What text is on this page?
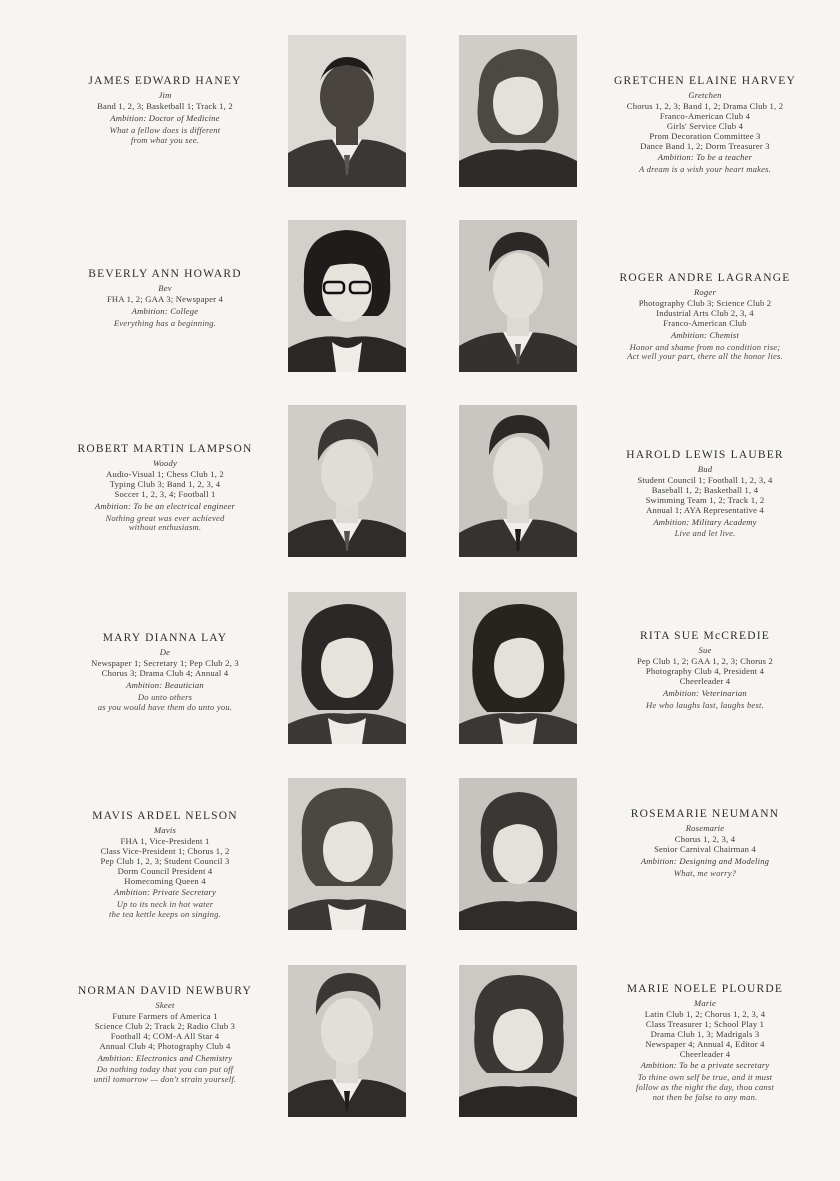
JAMES EDWARD HANEY
Jim
Band 1, 2, 3; Basketball 1; Track 1, 2
Ambition: Doctor of Medicine
What a fellow does is different
from what you see.
GRETCHEN ELAINE HARVEY
Gretchen
Chorus 1, 2, 3; Band 1, 2; Drama Club 1, 2
Franco-American Club 4
Girls' Service Club 4
Prom Decoration Committee 3
Dance Band 1, 2; Dorm Treasurer 3
Ambition: To be a teacher
A dream is a wish your heart makes.
BEVERLY ANN HOWARD
Bev
FHA 1, 2; GAA 3; Newspaper 4
Ambition: College
Everything has a beginning.
ROGER ANDRE LAGRANGE
Roger
Photography Club 3; Science Club 2
Industrial Arts Club 2, 3, 4
Franco-American Club
Ambition: Chemist
Honor and shame from no condition rise;
Act well your part, there all the honor lies.
ROBERT MARTIN LAMPSON
Woody
Audio-Visual 1; Chess Club 1, 2
Typing Club 3; Band 1, 2, 3, 4
Soccer 1, 2, 3, 4; Football 1
Ambition: To be an electrical engineer
Nothing great was ever achieved
without enthusiasm.
HAROLD LEWIS LAUBER
Bud
Student Council 1; Football 1, 2, 3, 4
Baseball 1, 2; Basketball 1, 4
Swimming Team 1, 2; Track 1, 2
Annual 1; AYA Representative 4
Ambition: Military Academy
Live and let live.
MARY DIANNA LAY
De
Newspaper 1; Secretary 1; Pep Club 2, 3
Chorus 3; Drama Club 4; Annual 4
Ambition: Beautician
Do unto others
as you would have them do unto you.
RITA SUE McCREDIE
Sue
Pep Club 1, 2; GAA 1, 2, 3; Chorus 2
Photography Club 4, President 4
Cheerleader 4
Ambition: Veterinarian
He who laughs last, laughs best.
MAVIS ARDEL NELSON
Mavis
FHA 1, Vice-President 1
Class Vice-President 1; Chorus 1, 2
Pep Club 1, 2, 3; Student Council 3
Dorm Council President 4
Homecoming Queen 4
Ambition: Private Secretary
Up to its neck in hot water
the tea kettle keeps on singing.
ROSEMARIE NEUMANN
Rosemarie
Chorus 1, 2, 3, 4
Senior Carnival Chairman 4
Ambition: Designing and Modeling
What, me worry?
NORMAN DAVID NEWBURY
Skeet
Future Farmers of America 1
Science Club 2; Track 2; Radio Club 3
Football 4; COM-A All Star 4
Annual Club 4; Photography Club 4
Ambition: Electronics and Chemistry
Do nothing today that you can put off
until tomorrow — don't strain yourself.
MARIE NOELE PLOURDE
Marie
Latin Club 1, 2; Chorus 1, 2, 3, 4
Class Treasurer 1; School Play 1
Drama Club 1, 3; Madrigals 3
Newspaper 4; Annual 4, Editor 4
Cheerleader 4
Ambition: To be a private secretary
To thine own self be true, and it must
follow as the night the day, thou canst
not then be false to any man.
